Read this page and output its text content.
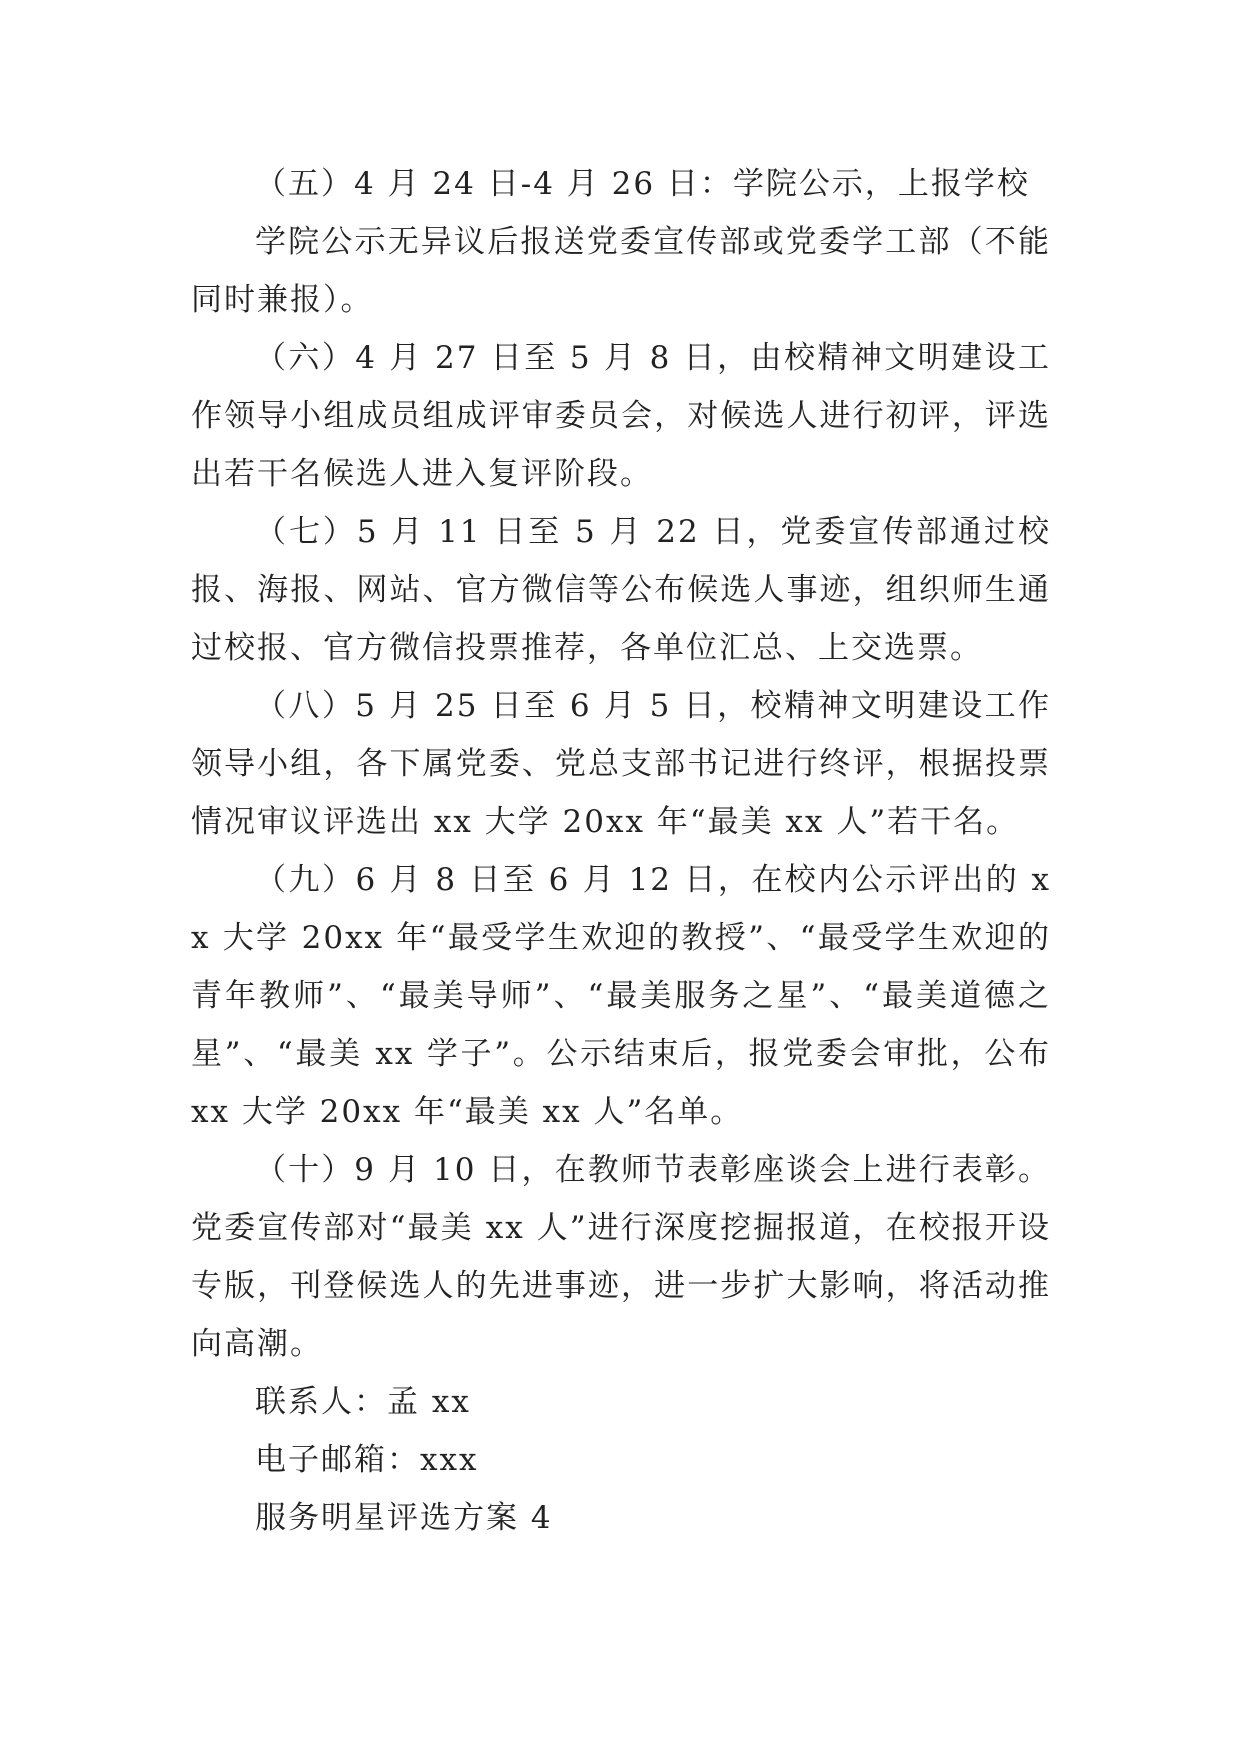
（五）4 月 24 日-4 月 26 日：学院公示，上报学校

学院公示无异议后报送党委宣传部或党委学工部（不能同时兼报）。

（六）4 月 27 日至 5 月 8 日，由校精神文明建设工作领导小组成员组成评审委员会，对候选人进行初评，评选出若干名候选人进入复评阶段。

（七）5 月 11 日至 5 月 22 日，党委宣传部通过校报、海报、网站、官方微信等公布候选人事迹，组织师生通过校报、官方微信投票推荐，各单位汇总、上交选票。

（八）5 月 25 日至 6 月 5 日，校精神文明建设工作领导小组，各下属党委、党总支部书记进行终评，根据投票情况审议评选出 xx 大学 20xx 年“最美 xx 人”若干名。

（九）6 月 8 日至 6 月 12 日，在校内公示评出的 xx 大学 20xx 年“最受学生欢迎的教授”、“最受学生欢迎的青年教师”、“最美导师”、“最美服务之星”、“最美道德之星”、“最美 xx 学子”。公示结束后，报党委会审批，公布 xx 大学 20xx 年“最美 xx 人”名单。

（十）9 月 10 日，在教师节表彰座谈会上进行表彰。党委宣传部对“最美 xx 人”进行深度挖掘报道，在校报开设专版，刊登候选人的先进事迹，进一步扩大影响，将活动推向高潮。

联系人：孟 xx

电子邮箱：xxx

服务明星评选方案 4
